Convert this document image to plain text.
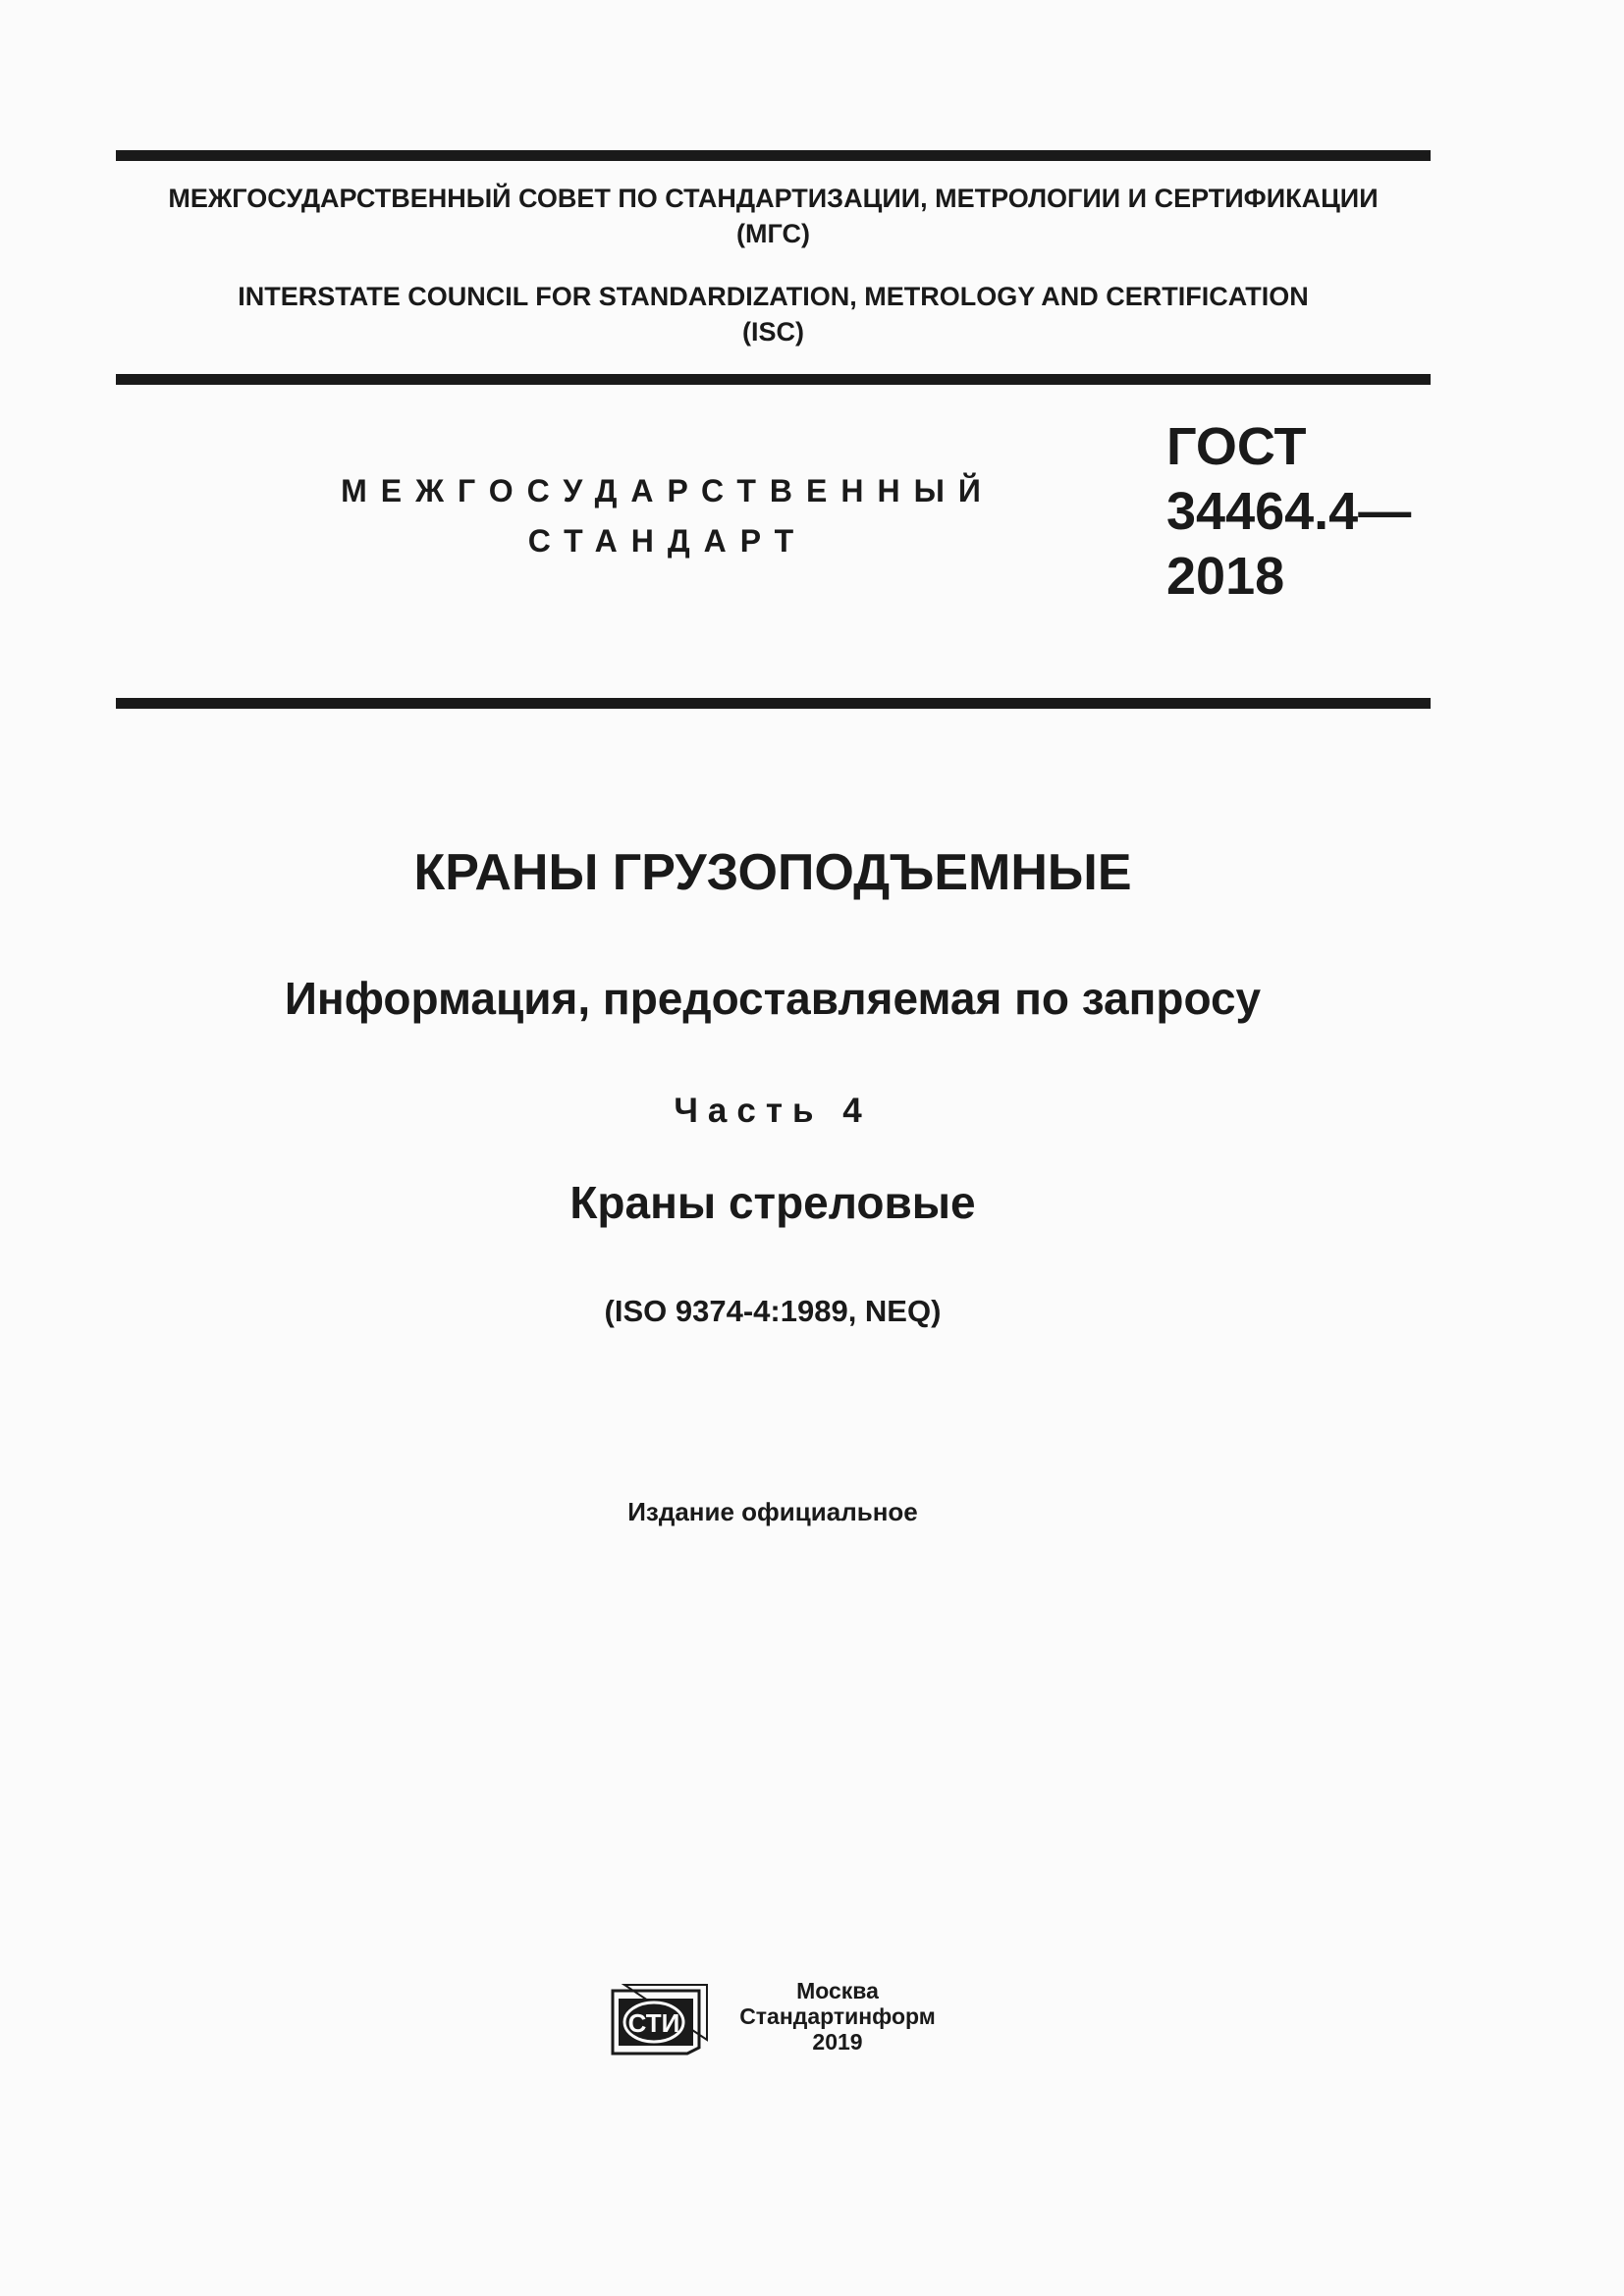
МЕЖГОСУДАРСТВЕННЫЙ СОВЕТ ПО СТАНДАРТИЗАЦИИ, МЕТРОЛОГИИ И СЕРТИФИКАЦИИ
(МГС)
INTERSTATE COUNCIL FOR STANDARDIZATION, METROLOGY AND CERTIFICATION
(ISC)
МЕЖГОСУДАРСТВЕННЫЙ
СТАНДАРТ
ГОСТ
34464.4—
2018
КРАНЫ ГРУЗОПОДЪЕМНЫЕ
Информация, предоставляемая по запросу
Часть 4
Краны стреловые
(ISO 9374-4:1989, NEQ)
Издание официальное
СТИ
Москва
Стандартинформ
2019
